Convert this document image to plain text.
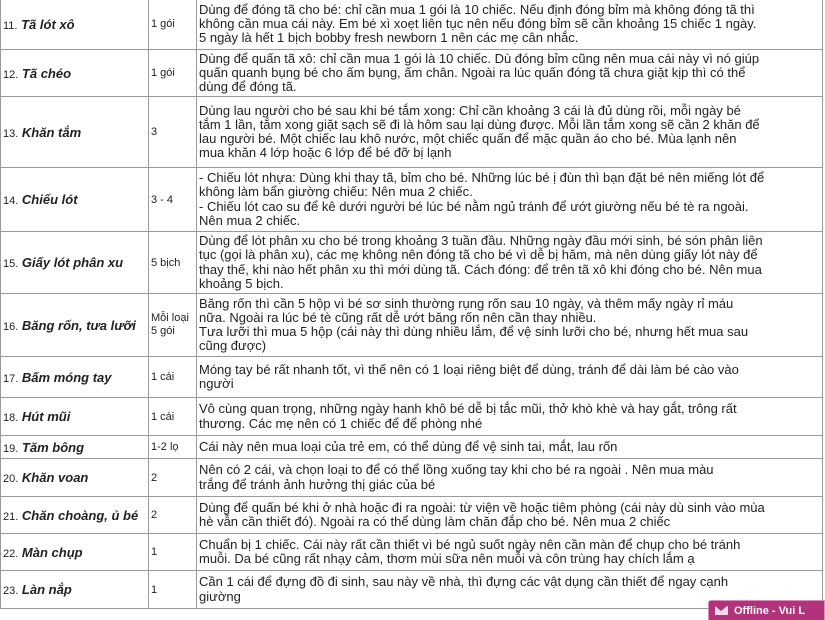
11. Tã lót xô	1 gói	Dùng để đóng tã cho bé: chỉ cần mua 1 gói là 10 chiếc. Nếu định đóng bỉm mà không đóng tã thì
không cần mua cái này. Em bé xì xoẹt liên tục nên nếu đóng bỉm sẽ cần khoảng 15 chiếc 1 ngày.
5 ngày là hết 1 bịch bobby fresh newborn 1 nên các mẹ cân nhắc.
12. Tã chéo	1 gói	Dùng để quấn tã xô: chỉ cần mua 1 gói là 10 chiếc. Dù đóng bỉm cũng nên mua cái này vì nó giúp
quấn quanh bụng bé cho ấm bụng, ấm chân. Ngoài ra lúc quấn đóng tã chưa giặt kịp thì có thể
dùng để đóng tã.
13. Khăn tắm	3	Dùng lau người cho bé sau khi bé tắm xong: Chỉ cần khoảng 3 cái là đủ dùng rồi, mỗi ngày bé
tắm 1 lần, tắm xong giặt sạch sẽ đi là hôm sau lại dùng được. Mỗi lần tắm xong sẽ cần 2 khăn để
lau người bé. Một chiếc lau khô nước, một chiếc quấn để mặc quần áo cho bé. Mùa lạnh nên
mua khăn 4 lớp hoặc 6 lớp để bé đỡ bị lạnh
14. Chiếu lót	3 - 4	- Chiếu lót nhựa: Dùng khi thay tã, bỉm cho bé. Những lúc bé ị đùn thì bạn đặt bé nên miếng lót để
không làm bẩn giường chiếu: Nên mua 2 chiếc.
- Chiếu lót cao su để kê dưới người bé lúc bé nằm ngủ tránh để ướt giường nếu bé tè ra ngoài.
Nên mua 2 chiếc.
15. Giấy lót phân xu	5 bịch	Dùng để lót phân xu cho bé trong khoảng 3 tuần đầu. Những ngày đầu mới sinh, bé són phân liên
tục (gọi là phân xu), các mẹ không nên đóng tã cho bé vì dễ bị hăm, mà nên dùng giấy lót này để
thay thế, khi nào hết phân xu thì mới dùng tã. Cách đóng: để trên tã xô khi đóng cho bé. Nên mua
khoảng 5 bịch.
16. Băng rốn, tưa lưỡi	Mỗi loại
5 gói	Băng rốn thì cần 5 hộp vì bé sơ sinh thường rụng rốn sau 10 ngày, và thêm mấy ngày rỉ máu
nữa. Ngoài ra lúc bé tè cũng rất dễ ướt băng rốn nên cần thay nhiều.
Tưa lưỡi thì mua 5 hộp (cái này thì dùng nhiều lắm, để vệ sinh lưỡi cho bé, nhưng hết mua sau
cũng được)
17. Bấm móng tay	1 cái	Móng tay bé rất nhanh tốt, vì thế nên có 1 loại riêng biệt để dùng, tránh để dài làm bé cào vào
người
18. Hút mũi	1 cái	Vô cùng quan trọng, những ngày hanh khô bé dễ bị tắc mũi, thở khò khè và hay gắt, trông rất
thương. Các mẹ nên có 1 chiếc để để phòng nhé
19. Tăm bông	1-2 lọ	Cái này nên mua loại của trẻ em, có thể dùng để vệ sinh tai, mắt, lau rốn
20. Khăn voan	2	Nên có 2 cái, và chọn loại to để có thể lồng xuống tay khi cho bé ra ngoài . Nên mua màu
trắng để tránh ảnh hưởng thị giác của bé
21. Chăn choàng, ủ bé	2	Dùng để quấn bé khi ở nhà hoặc đi ra ngoài: từ viện về hoặc tiêm phòng (cái này dù sinh vào mùa
hè vẫn cần thiết đó). Ngoài ra có thể dùng làm chăn đắp cho bé. Nên mua 2 chiếc
22. Màn chụp	1	Chuẩn bị 1 chiếc. Cái này rất cần thiết vì bé ngủ suốt ngày nên cần màn để chụp cho bé tránh
muỗi. Da bé cũng rất nhạy cảm, thơm mùi sữa nên muỗi và côn trùng hay chích lắm ạ
23. Làn nắp	1	Cần 1 cái để đựng đồ đi sinh, sau này về nhà, thì đựng các vật dụng cần thiết để ngay cạnh
giường
Offline - Vui L
